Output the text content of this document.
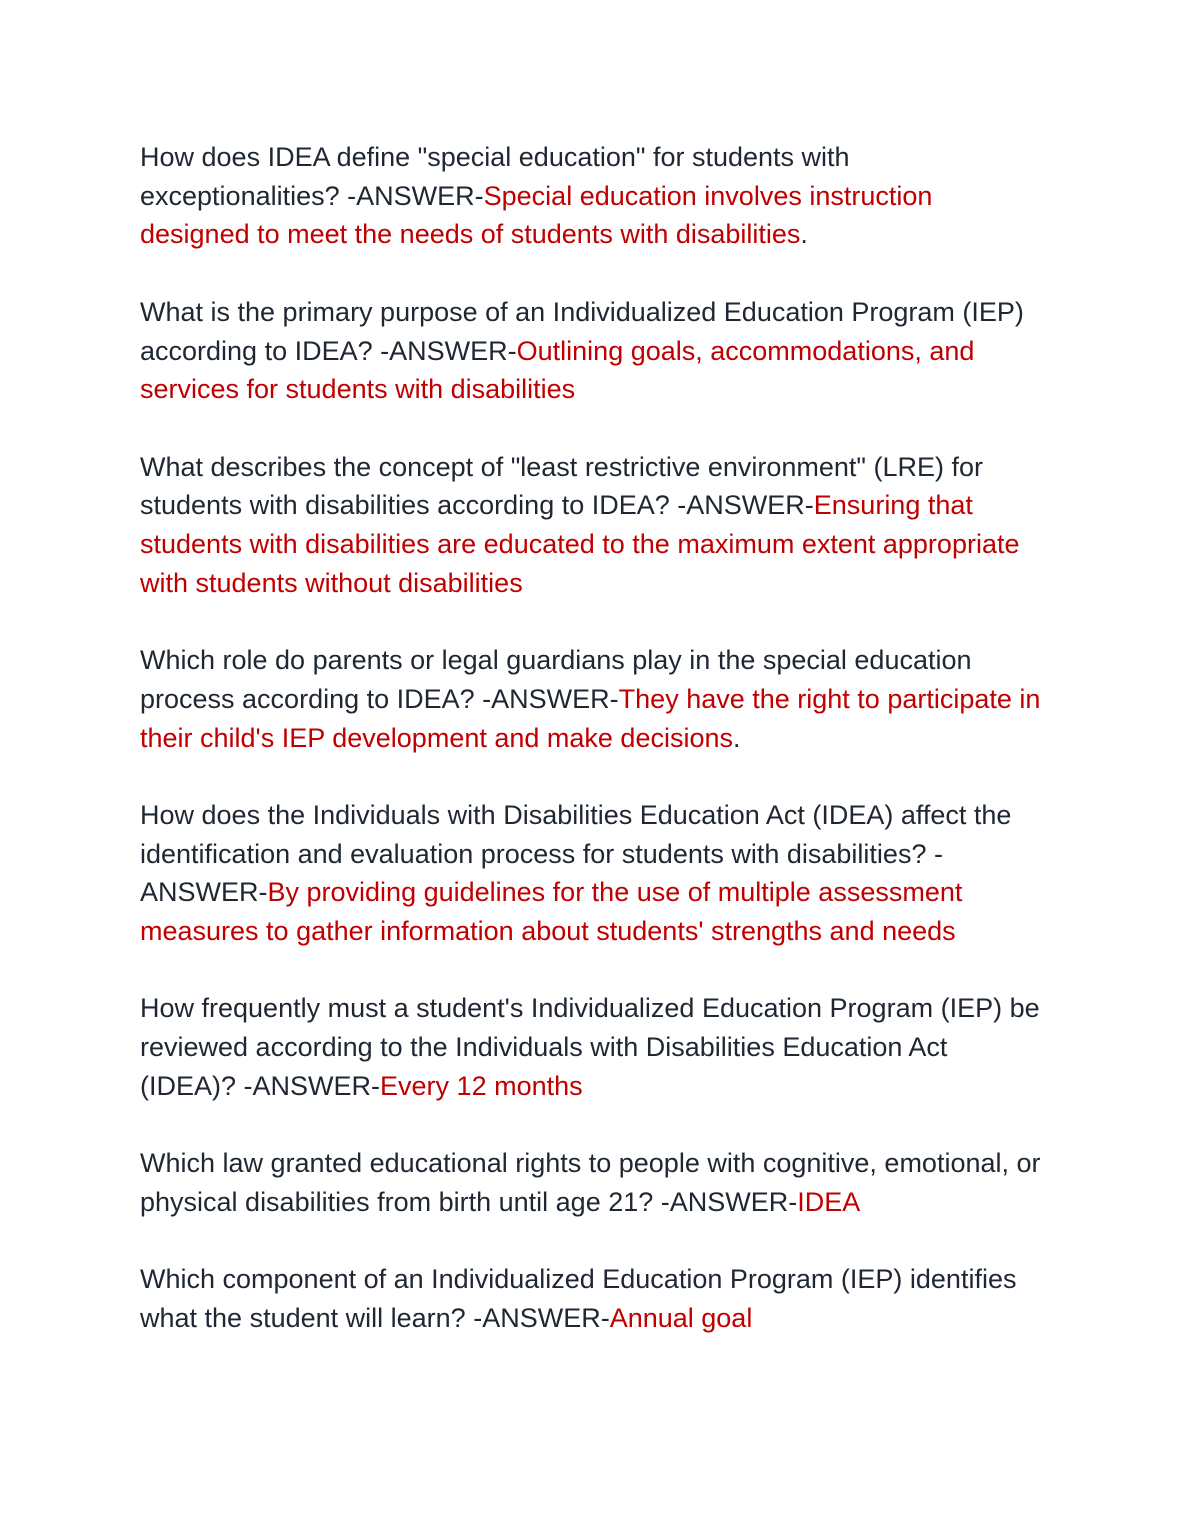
How does IDEA define "special education" for students with exceptionalities? -ANSWER-Special education involves instruction designed to meet the needs of students with disabilities.

What is the primary purpose of an Individualized Education Program (IEP) according to IDEA? -ANSWER-Outlining goals, accommodations, and services for students with disabilities

What describes the concept of "least restrictive environment" (LRE) for students with disabilities according to IDEA? -ANSWER-Ensuring that students with disabilities are educated to the maximum extent appropriate with students without disabilities

Which role do parents or legal guardians play in the special education process according to IDEA? -ANSWER-They have the right to participate in their child's IEP development and make decisions.

How does the Individuals with Disabilities Education Act (IDEA) affect the identification and evaluation process for students with disabilities? -ANSWER-By providing guidelines for the use of multiple assessment measures to gather information about students' strengths and needs

How frequently must a student's Individualized Education Program (IEP) be reviewed according to the Individuals with Disabilities Education Act (IDEA)? -ANSWER-Every 12 months

Which law granted educational rights to people with cognitive, emotional, or physical disabilities from birth until age 21? -ANSWER-IDEA

Which component of an Individualized Education Program (IEP) identifies what the student will learn? -ANSWER-Annual goal
